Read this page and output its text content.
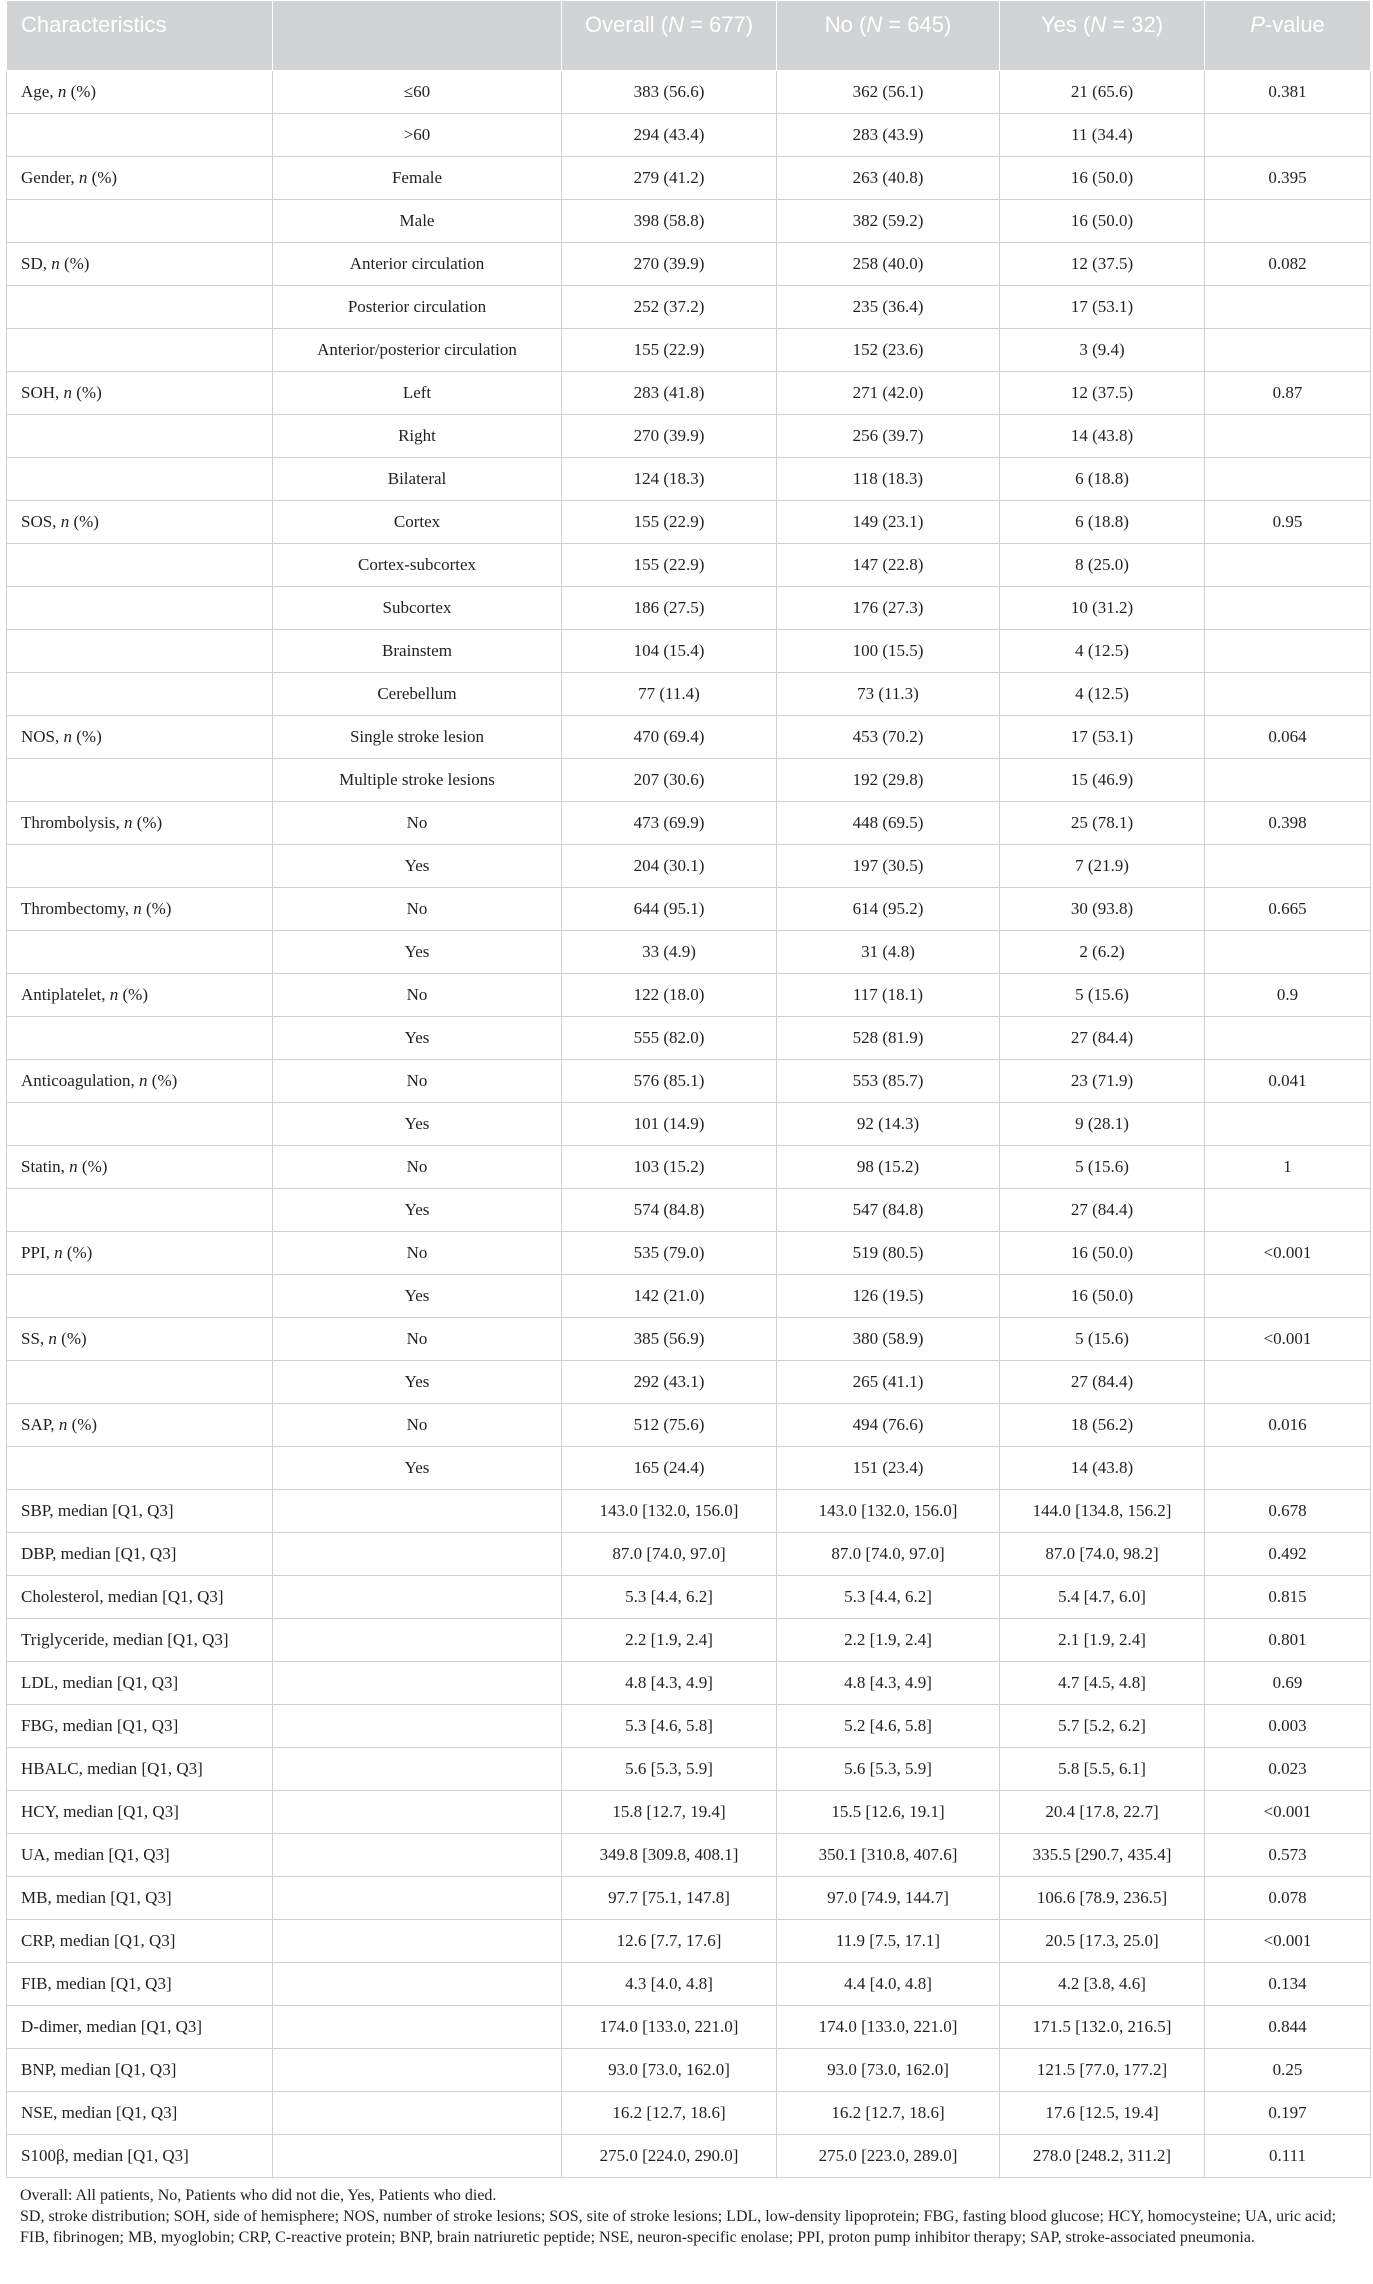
Characteristics		Overall (N = 677)	No (N = 645)	Yes (N = 32)	P-value
Age, n (%)	≤60	383 (56.6)	362 (56.1)	21 (65.6)	0.381
	>60	294 (43.4)	283 (43.9)	11 (34.4)	
Gender, n (%)	Female	279 (41.2)	263 (40.8)	16 (50.0)	0.395
	Male	398 (58.8)	382 (59.2)	16 (50.0)	
SD, n (%)	Anterior circulation	270 (39.9)	258 (40.0)	12 (37.5)	0.082
	Posterior circulation	252 (37.2)	235 (36.4)	17 (53.1)	
	Anterior/posterior circulation	155 (22.9)	152 (23.6)	3 (9.4)	
SOH, n (%)	Left	283 (41.8)	271 (42.0)	12 (37.5)	0.87
	Right	270 (39.9)	256 (39.7)	14 (43.8)	
	Bilateral	124 (18.3)	118 (18.3)	6 (18.8)	
SOS, n (%)	Cortex	155 (22.9)	149 (23.1)	6 (18.8)	0.95
	Cortex-subcortex	155 (22.9)	147 (22.8)	8 (25.0)	
	Subcortex	186 (27.5)	176 (27.3)	10 (31.2)	
	Brainstem	104 (15.4)	100 (15.5)	4 (12.5)	
	Cerebellum	77 (11.4)	73 (11.3)	4 (12.5)	
NOS, n (%)	Single stroke lesion	470 (69.4)	453 (70.2)	17 (53.1)	0.064
	Multiple stroke lesions	207 (30.6)	192 (29.8)	15 (46.9)	
Thrombolysis, n (%)	No	473 (69.9)	448 (69.5)	25 (78.1)	0.398
	Yes	204 (30.1)	197 (30.5)	7 (21.9)	
Thrombectomy, n (%)	No	644 (95.1)	614 (95.2)	30 (93.8)	0.665
	Yes	33 (4.9)	31 (4.8)	2 (6.2)	
Antiplatelet, n (%)	No	122 (18.0)	117 (18.1)	5 (15.6)	0.9
	Yes	555 (82.0)	528 (81.9)	27 (84.4)	
Anticoagulation, n (%)	No	576 (85.1)	553 (85.7)	23 (71.9)	0.041
	Yes	101 (14.9)	92 (14.3)	9 (28.1)	
Statin, n (%)	No	103 (15.2)	98 (15.2)	5 (15.6)	1
	Yes	574 (84.8)	547 (84.8)	27 (84.4)	
PPI, n (%)	No	535 (79.0)	519 (80.5)	16 (50.0)	<0.001
	Yes	142 (21.0)	126 (19.5)	16 (50.0)	
SS, n (%)	No	385 (56.9)	380 (58.9)	5 (15.6)	<0.001
	Yes	292 (43.1)	265 (41.1)	27 (84.4)	
SAP, n (%)	No	512 (75.6)	494 (76.6)	18 (56.2)	0.016
	Yes	165 (24.4)	151 (23.4)	14 (43.8)	
SBP, median [Q1, Q3]		143.0 [132.0, 156.0]	143.0 [132.0, 156.0]	144.0 [134.8, 156.2]	0.678
DBP, median [Q1, Q3]		87.0 [74.0, 97.0]	87.0 [74.0, 97.0]	87.0 [74.0, 98.2]	0.492
Cholesterol, median [Q1, Q3]		5.3 [4.4, 6.2]	5.3 [4.4, 6.2]	5.4 [4.7, 6.0]	0.815
Triglyceride, median [Q1, Q3]		2.2 [1.9, 2.4]	2.2 [1.9, 2.4]	2.1 [1.9, 2.4]	0.801
LDL, median [Q1, Q3]		4.8 [4.3, 4.9]	4.8 [4.3, 4.9]	4.7 [4.5, 4.8]	0.69
FBG, median [Q1, Q3]		5.3 [4.6, 5.8]	5.2 [4.6, 5.8]	5.7 [5.2, 6.2]	0.003
HBALC, median [Q1, Q3]		5.6 [5.3, 5.9]	5.6 [5.3, 5.9]	5.8 [5.5, 6.1]	0.023
HCY, median [Q1, Q3]		15.8 [12.7, 19.4]	15.5 [12.6, 19.1]	20.4 [17.8, 22.7]	<0.001
UA, median [Q1, Q3]		349.8 [309.8, 408.1]	350.1 [310.8, 407.6]	335.5 [290.7, 435.4]	0.573
MB, median [Q1, Q3]		97.7 [75.1, 147.8]	97.0 [74.9, 144.7]	106.6 [78.9, 236.5]	0.078
CRP, median [Q1, Q3]		12.6 [7.7, 17.6]	11.9 [7.5, 17.1]	20.5 [17.3, 25.0]	<0.001
FIB, median [Q1, Q3]		4.3 [4.0, 4.8]	4.4 [4.0, 4.8]	4.2 [3.8, 4.6]	0.134
D-dimer, median [Q1, Q3]		174.0 [133.0, 221.0]	174.0 [133.0, 221.0]	171.5 [132.0, 216.5]	0.844
BNP, median [Q1, Q3]		93.0 [73.0, 162.0]	93.0 [73.0, 162.0]	121.5 [77.0, 177.2]	0.25
NSE, median [Q1, Q3]		16.2 [12.7, 18.6]	16.2 [12.7, 18.6]	17.6 [12.5, 19.4]	0.197
S100β, median [Q1, Q3]		275.0 [224.0, 290.0]	275.0 [223.0, 289.0]	278.0 [248.2, 311.2]	0.111

Overall: All patients, No, Patients who did not die, Yes, Patients who died.

SD, stroke distribution; SOH, side of hemisphere; NOS, number of stroke lesions; SOS, site of stroke lesions; LDL, low-density lipoprotein; FBG, fasting blood glucose; HCY, homocysteine; UA, uric acid; FIB, fibrinogen; MB, myoglobin; CRP, C-reactive protein; BNP, brain natriuretic peptide; NSE, neuron-specific enolase; PPI, proton pump inhibitor therapy; SAP, stroke-associated pneumonia.
